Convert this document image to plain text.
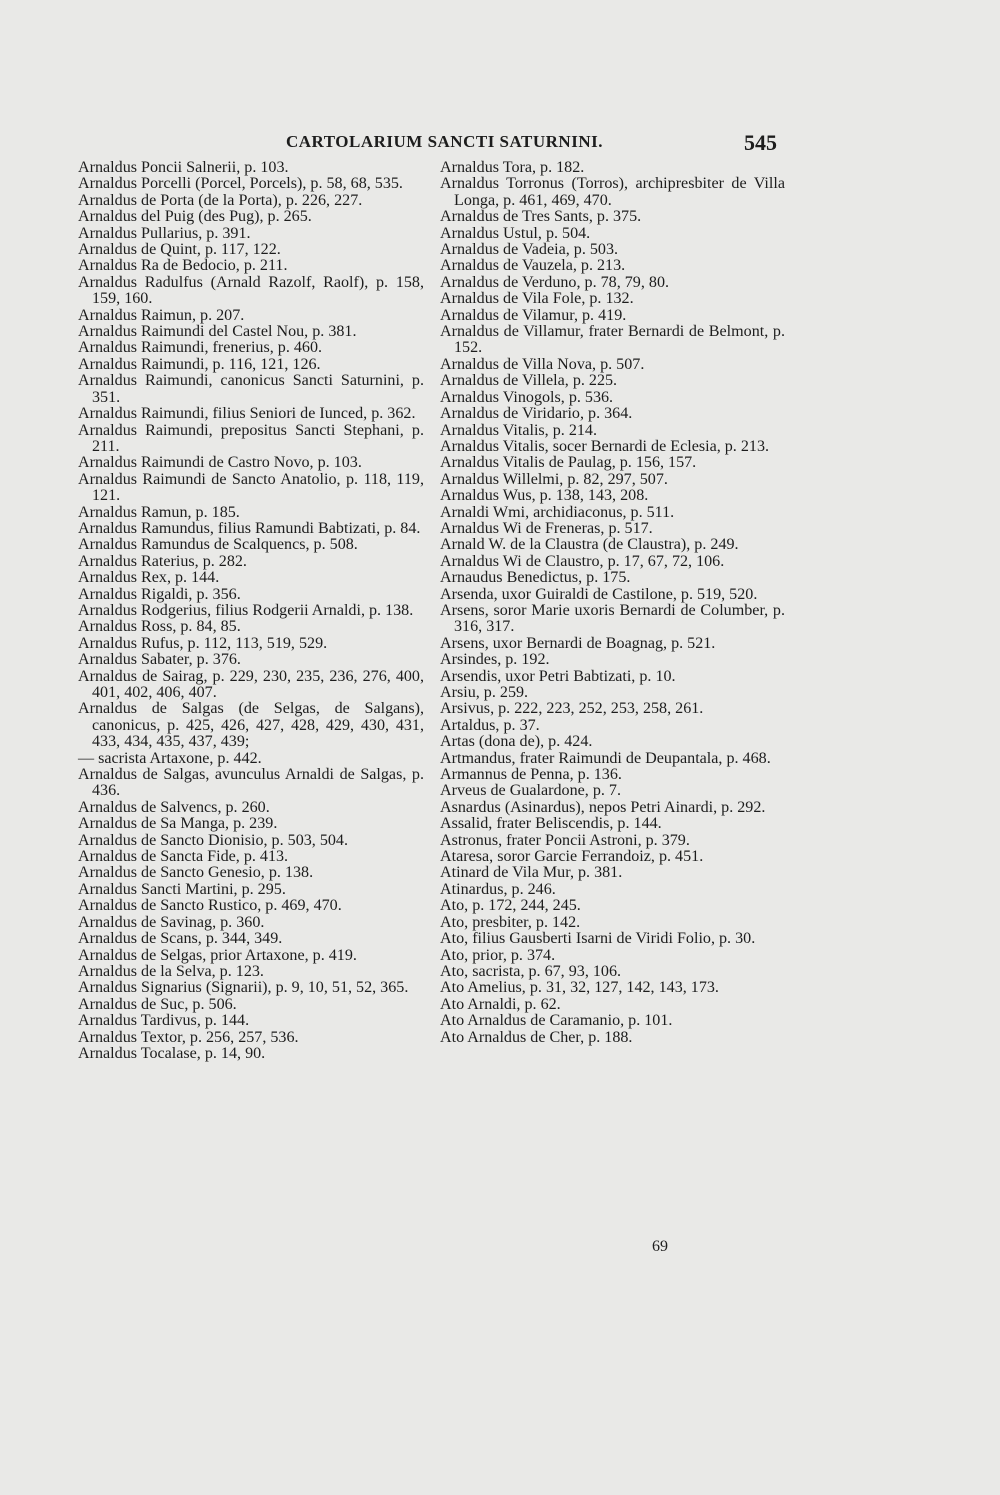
CARTOLARIUM SANCTI SATURNINI.	545
Arnaldus Poncii Salnerii, p. 103.
Arnaldus Porcelli (Porcel, Porcels), p. 58, 68, 535.
Arnaldus de Porta (de la Porta), p. 226, 227.
Arnaldus del Puig (des Pug), p. 265.
Arnaldus Pullarius, p. 391.
Arnaldus de Quint, p. 117, 122.
Arnaldus Ra de Bedocio, p. 211.
Arnaldus Radulfus (Arnald Razolf, Raolf), p. 158, 159, 160.
Arnaldus Raimun, p. 207.
Arnaldus Raimundi del Castel Nou, p. 381.
Arnaldus Raimundi, frenerius, p. 460.
Arnaldus Raimundi, p. 116, 121, 126.
Arnaldus Raimundi, canonicus Sancti Saturnini, p. 351.
Arnaldus Raimundi, filius Seniori de Iunced, p. 362.
Arnaldus Raimundi, prepositus Sancti Stephani, p. 211.
Arnaldus Raimundi de Castro Novo, p. 103.
Arnaldus Raimundi de Sancto Anatolio, p. 118, 119, 121.
Arnaldus Ramun, p. 185.
Arnaldus Ramundus, filius Ramundi Babtizati, p. 84.
Arnaldus Ramundus de Scalquencs, p. 508.
Arnaldus Raterius, p. 282.
Arnaldus Rex, p. 144.
Arnaldus Rigaldi, p. 356.
Arnaldus Rodgerius, filius Rodgerii Arnaldi, p. 138.
Arnaldus Ross, p. 84, 85.
Arnaldus Rufus, p. 112, 113, 519, 529.
Arnaldus Sabater, p. 376.
Arnaldus de Sairag, p. 229, 230, 235, 236, 276, 400, 401, 402, 406, 407.
Arnaldus de Salgas (de Selgas, de Salgans), canonicus, p. 425, 426, 427, 428, 429, 430, 431, 433, 434, 435, 437, 439;
— sacrista Artaxone, p. 442.
Arnaldus de Salgas, avunculus Arnaldi de Salgas, p. 436.
Arnaldus de Salvencs, p. 260.
Arnaldus de Sa Manga, p. 239.
Arnaldus de Sancto Dionisio, p. 503, 504.
Arnaldus de Sancta Fide, p. 413.
Arnaldus de Sancto Genesio, p. 138.
Arnaldus Sancti Martini, p. 295.
Arnaldus de Sancto Rustico, p. 469, 470.
Arnaldus de Savinag, p. 360.
Arnaldus de Scans, p. 344, 349.
Arnaldus de Selgas, prior Artaxone, p. 419.
Arnaldus de la Selva, p. 123.
Arnaldus Signarius (Signarii), p. 9, 10, 51, 52, 365.
Arnaldus de Suc, p. 506.
Arnaldus Tardivus, p. 144.
Arnaldus Textor, p. 256, 257, 536.
Arnaldus Tocalase, p. 14, 90.
Arnaldus Tora, p. 182.
Arnaldus Torronus (Torros), archipresbiter de Villa Longa, p. 461, 469, 470.
Arnaldus de Tres Sants, p. 375.
Arnaldus Ustul, p. 504.
Arnaldus de Vadeia, p. 503.
Arnaldus de Vauzela, p. 213.
Arnaldus de Verduno, p. 78, 79, 80.
Arnaldus de Vila Fole, p. 132.
Arnaldus de Vilamur, p. 419.
Arnaldus de Villamur, frater Bernardi de Belmont, p. 152.
Arnaldus de Villa Nova, p. 507.
Arnaldus de Villela, p. 225.
Arnaldus Vinogols, p. 536.
Arnaldus de Viridario, p. 364.
Arnaldus Vitalis, p. 214.
Arnaldus Vitalis, socer Bernardi de Eclesia, p. 213.
Arnaldus Vitalis de Paulag, p. 156, 157.
Arnaldus Willelmi, p. 82, 297, 507.
Arnaldus Wus, p. 138, 143, 208.
Arnaldi Wmi, archidiaconus, p. 511.
Arnaldus Wi de Freneras, p. 517.
Arnald W. de la Claustra (de Claustra), p. 249.
Arnaldus Wi de Claustro, p. 17, 67, 72, 106.
Arnaudus Benedictus, p. 175.
Arsenda, uxor Guiraldi de Castilone, p. 519, 520.
Arsens, soror Marie uxoris Bernardi de Columber, p. 316, 317.
Arsens, uxor Bernardi de Boagnag, p. 521.
Arsindes, p. 192.
Arsendis, uxor Petri Babtizati, p. 10.
Arsiu, p. 259.
Arsivus, p. 222, 223, 252, 253, 258, 261.
Artaldus, p. 37.
Artas (dona de), p. 424.
Artmandus, frater Raimundi de Deupantala, p. 468.
Armannus de Penna, p. 136.
Arveus de Gualardone, p. 7.
Asnardus (Asinardus), nepos Petri Ainardi, p. 292.
Assalid, frater Beliscendis, p. 144.
Astronus, frater Poncii Astroni, p. 379.
Ataresa, soror Garcie Ferrandoiz, p. 451.
Atinard de Vila Mur, p. 381.
Atinardus, p. 246.
Ato, p. 172, 244, 245.
Ato, presbiter, p. 142.
Ato, filius Gausberti Isarni de Viridi Folio, p. 30.
Ato, prior, p. 374.
Ato, sacrista, p. 67, 93, 106.
Ato Amelius, p. 31, 32, 127, 142, 143, 173.
Ato Arnaldi, p. 62.
Ato Arnaldus de Caramanio, p. 101.
Ato Arnaldus de Cher, p. 188.
69
